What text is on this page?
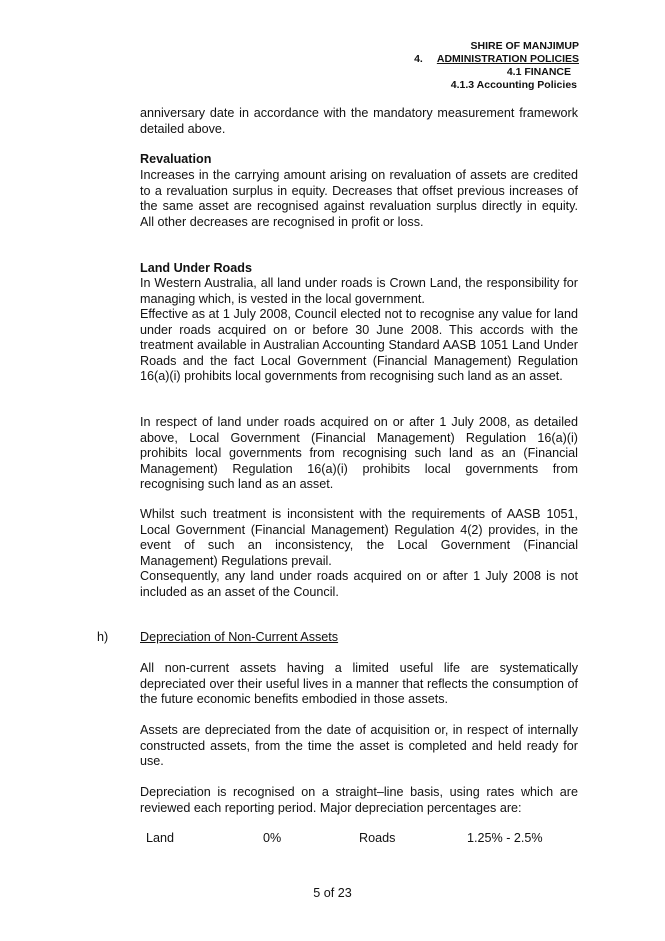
SHIRE OF MANJIMUP
4. ADMINISTRATION POLICIES
4.1 FINANCE
4.1.3 Accounting Policies
anniversary date in accordance with the mandatory measurement framework detailed above.
Revaluation
Increases in the carrying amount arising on revaluation of assets are credited to a revaluation surplus in equity. Decreases that offset previous increases of the same asset are recognised against revaluation surplus directly in equity. All other decreases are recognised in profit or loss.
Land Under Roads
In Western Australia, all land under roads is Crown Land, the responsibility for managing which, is vested in the local government.
Effective as at 1 July 2008, Council elected not to recognise any value for land under roads acquired on or before 30 June 2008. This accords with the treatment available in Australian Accounting Standard AASB 1051 Land Under Roads and the fact Local Government (Financial Management) Regulation 16(a)(i) prohibits local governments from recognising such land as an asset.
In respect of land under roads acquired on or after 1 July 2008, as detailed above, Local Government (Financial Management) Regulation 16(a)(i) prohibits local governments from recognising such land as an (Financial Management) Regulation 16(a)(i) prohibits local governments from recognising such land as an asset.
Whilst such treatment is inconsistent with the requirements of AASB 1051, Local Government (Financial Management) Regulation 4(2) provides, in the event of such an inconsistency, the Local Government (Financial Management) Regulations prevail.
Consequently, any land under roads acquired on or after 1 July 2008 is not included as an asset of the Council.
h)	Depreciation of Non-Current Assets
All non-current assets having a limited useful life are systematically depreciated over their useful lives in a manner that reflects the consumption of the future economic benefits embodied in those assets.
Assets are depreciated from the date of acquisition or, in respect of internally constructed assets, from the time the asset is completed and held ready for use.
Depreciation is recognised on a straight–line basis, using rates which are reviewed each reporting period. Major depreciation percentages are:
Land	0%	Roads	1.25% - 2.5%
5 of 23
